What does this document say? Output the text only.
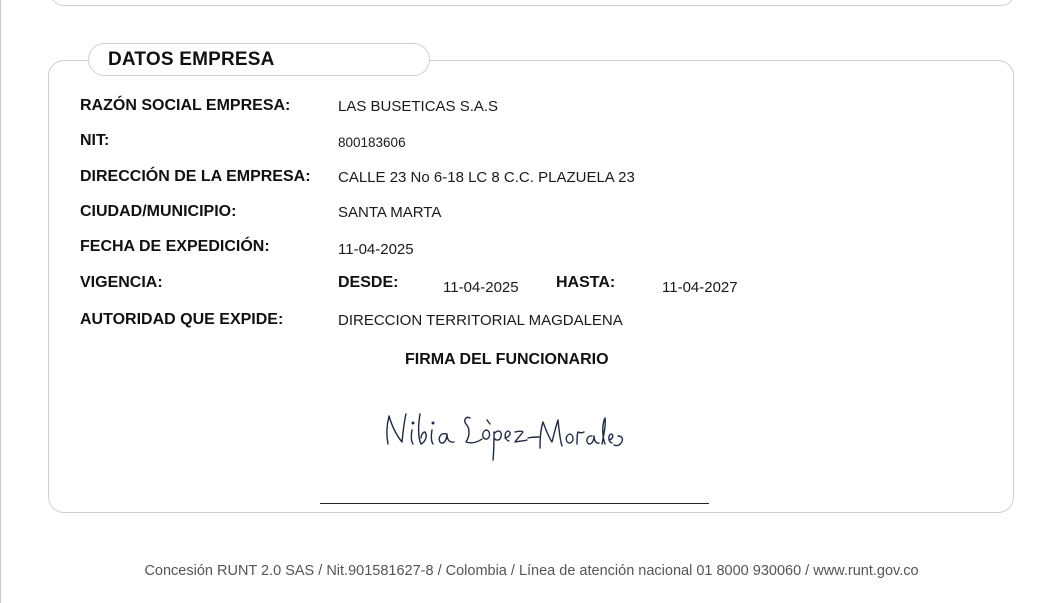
DATOS EMPRESA
RAZÓN SOCIAL EMPRESA:	LAS BUSETICAS S.A.S
NIT:	800183606
DIRECCIÓN DE LA EMPRESA: CALLE 23 No 6-18 LC 8 C.C. PLAZUELA 23
CIUDAD/MUNICIPIO:	SANTA MARTA
FECHA DE EXPEDICIÓN:	11-04-2025
VIGENCIA:	DESDE:	11-04-2025 HASTA:	11-04-2027
AUTORIDAD QUE EXPIDE:	DIRECCION TERRITORIAL MAGDALENA
FIRMA DEL FUNCIONARIO
Concesión RUNT 2.0 SAS / Nit.901581627-8 / Colombia / Línea de atención nacional 01 8000 930060 / www.runt.gov.co
